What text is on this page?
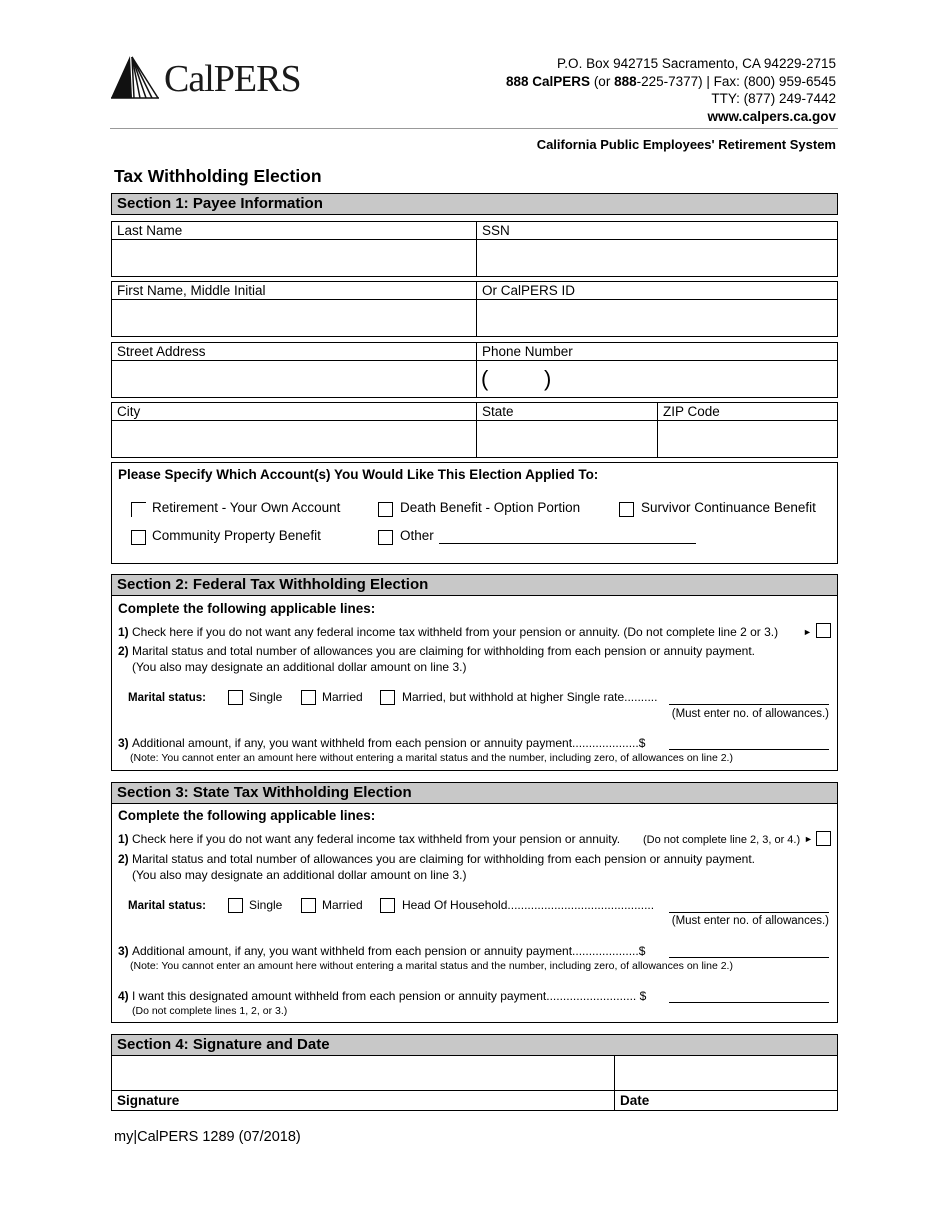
CalPERS	P.O. Box 942715 Sacramento, CA 94229-2715
888 CalPERS (or 888-225-7377) | Fax: (800) 959-6545
TTY: (877) 249-7442
www.calpers.ca.gov
California Public Employees' Retirement System
Tax Withholding Election
Section 1: Payee Information
Last Name	SSN
First Name, Middle Initial	Or CalPERS ID
Street Address	Phone Number
(	)
City	State	ZIP Code
Please Specify Which Account(s) You Would Like This Election Applied To:
Retirement - Your Own Account	Death Benefit - Option Portion	Survivor Continuance Benefit
Community Property Benefit	Other
Section 2: Federal Tax Withholding Election
Complete the following applicable lines:
1) Check here if you do not want any federal income tax withheld from your pension or annuity. (Do not complete line 2 or 3.)	►
2) Marital status and total number of allowances you are claiming for withholding from each pension or annuity payment.
(You also may designate an additional dollar amount on line 3.)
Marital status:	Single	Married	Married, but withhold at higher Single rate..........
(Must enter no. of allowances.)
3) Additional amount, if any, you want withheld from each pension or annuity payment....................$
(Note: You cannot enter an amount here without entering a marital status and the number, including zero, of allowances on line 2.)
Section 3: State Tax Withholding Election
Complete the following applicable lines:
1) Check here if you do not want any federal income tax withheld from your pension or annuity. (Do not complete line 2, 3, or 4.) ►
2) Marital status and total number of allowances you are claiming for withholding from each pension or annuity payment.
(You also may designate an additional dollar amount on line 3.)
Marital status:	Single	Married	Head Of Household............................................
(Must enter no. of allowances.)
3) Additional amount, if any, you want withheld from each pension or annuity payment....................$
(Note: You cannot enter an amount here without entering a marital status and the number, including zero, of allowances on line 2.)
4) I want this designated amount withheld from each pension or annuity payment........................... $
(Do not complete lines 1, 2, or 3.)
Section 4: Signature and Date
Signature	Date
my|CalPERS 1289 (07/2018)
